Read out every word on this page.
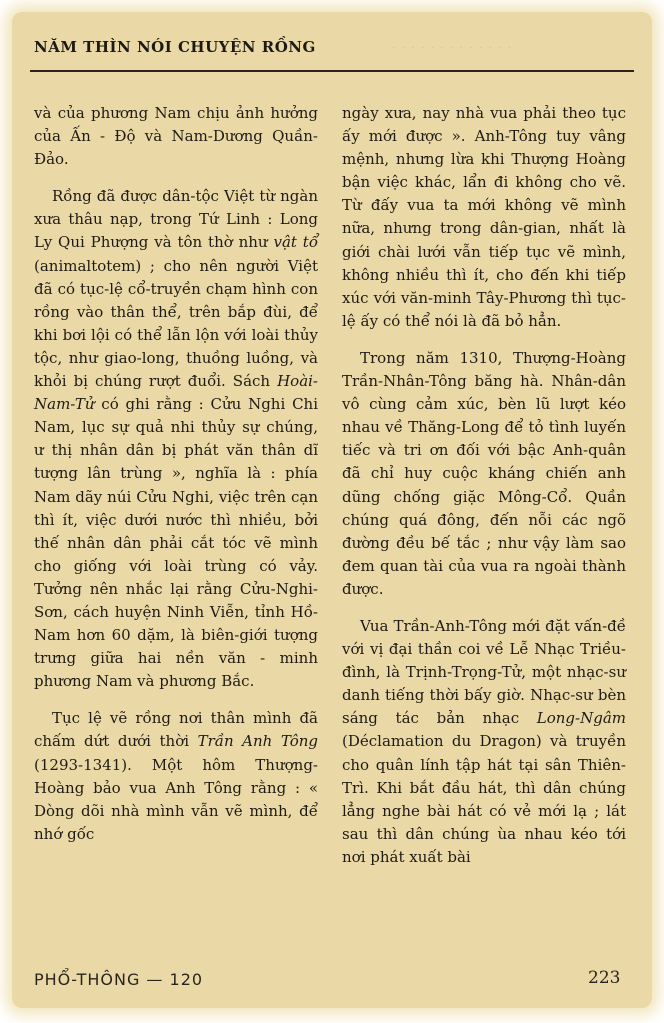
· · · · · · · · · · · · ·
NĂM THÌN NÓI CHUYỆN RỒNG

và của phương Nam chịu ảnh hưởng của Ấn - Độ và Nam-Dương Quần-Đảo.

Rồng đã được dân-tộc Việt từ ngàn xưa thâu nạp, trong Tứ Linh : Long Ly Qui Phượng và tôn thờ như vật tổ (animaltotem) ; cho nên người Việt đã có tục-lệ cổ-truyền chạm hình con rồng vào thân thể, trên bắp đùi, để khi bơi lội có thể lẫn lộn với loài thủy tộc, như giao-long, thuồng luồng, và khỏi bị chúng rượt đuổi. Sách Hoài-Nam-Tử có ghi rằng : Cửu Nghi Chi Nam, lục sự quả nhi thủy sự chúng, ư thị nhân dân bị phát văn thân dĩ tượng lân trùng », nghĩa là : phía Nam dãy núi Cửu Nghi, việc trên cạn thì ít, việc dưới nước thì nhiều, bởi thế nhân dân phải cắt tóc vẽ mình cho giống với loài trùng có vảy. Tưởng nên nhắc lại rằng Cửu-Nghi-Sơn, cách huyện Ninh Viễn, tỉnh Hồ-Nam hơn 60 dặm, là biên-giới tượng trưng giữa hai nền văn - minh phương Nam và phương Bắc.

Tục lệ vẽ rồng nơi thân mình đã chấm dứt dưới thời Trần Anh Tông (1293-1341). Một hôm Thượng-Hoàng bảo vua Anh Tông rằng : « Dòng dõi nhà mình vẫn vẽ mình, để nhớ gốc

ngày xưa, nay nhà vua phải theo tục ấy mới được ». Anh-Tông tuy vâng mệnh, nhưng lừa khi Thượng Hoàng bận việc khác, lẩn đi không cho vẽ. Từ đấy vua ta mới không vẽ mình nữa, nhưng trong dân-gian, nhất là giới chài lưới vẫn tiếp tục vẽ mình, không nhiều thì ít, cho đến khi tiếp xúc với văn-minh Tây-Phương thì tục-lệ ấy có thể nói là đã bỏ hẳn.

Trong năm 1310, Thượng-Hoàng Trần-Nhân-Tông băng hà. Nhân-dân vô cùng cảm xúc, bèn lũ lượt kéo nhau về Thăng-Long để tỏ tình luyến tiếc và tri ơn đối với bậc Anh-quân đã chỉ huy cuộc kháng chiến anh dũng chống giặc Mông-Cổ. Quần chúng quá đông, đến nỗi các ngõ đường đều bế tắc ; như vậy làm sao đem quan tài của vua ra ngoài thành được.

Vua Trần-Anh-Tông mới đặt vấn-đề với vị đại thần coi về Lễ Nhạc Triều-đình, là Trịnh-Trọng-Tử, một nhạc-sư danh tiếng thời bấy giờ. Nhạc-sư bèn sáng tác bản nhạc Long-Ngâm (Déclamation du Dragon) và truyền cho quân lính tập hát tại sân Thiên-Trì. Khi bắt đầu hát, thì dân chúng lẳng nghe bài hát có vẻ mới lạ ; lát sau thì dân chúng ùa nhau kéo tới nơi phát xuất bài

PHỔ-THÔNG — 120	223
